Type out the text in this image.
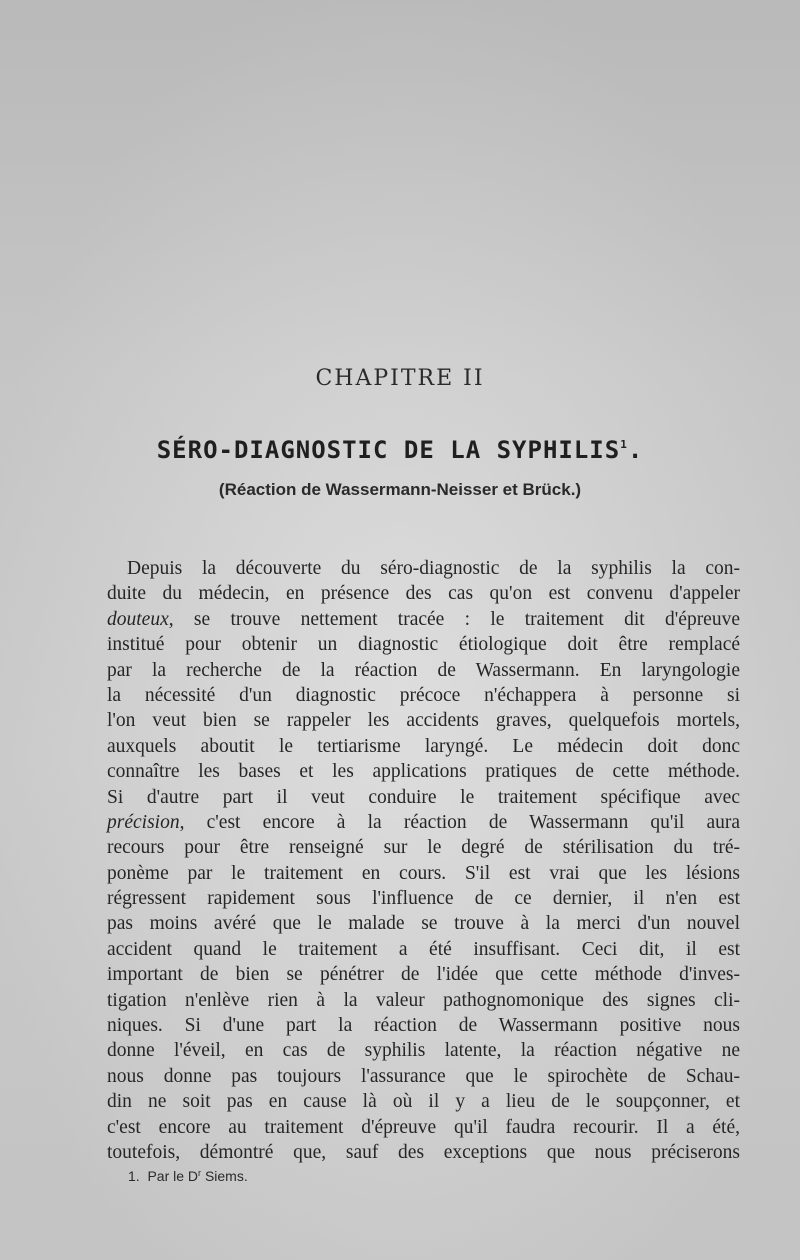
CHAPITRE II
SÉRO-DIAGNOSTIC DE LA SYPHILIS$^1$.
(Réaction de Wassermann-Neisser et Brück.)
Depuis la découverte du séro-diagnostic de la syphilis la con-
duite du médecin, en présence des cas qu'on est convenu d'appeler
douteux, se trouve nettement tracée : le traitement dit d'épreuve
institué pour obtenir un diagnostic étiologique doit être remplacé
par la recherche de la réaction de Wassermann. En laryngologie
la nécessité d'un diagnostic précoce n'échappera à personne si
l'on veut bien se rappeler les accidents graves, quelquefois mortels,
auxquels aboutit le tertiarisme laryngé. Le médecin doit donc
connaître les bases et les applications pratiques de cette méthode.
Si d'autre part il veut conduire le traitement spécifique avec
précision, c'est encore à la réaction de Wassermann qu'il aura
recours pour être renseigné sur le degré de stérilisation du tré-
ponème par le traitement en cours. S'il est vrai que les lésions
régressent rapidement sous l'influence de ce dernier, il n'en est
pas moins avéré que le malade se trouve à la merci d'un nouvel
accident quand le traitement a été insuffisant. Ceci dit, il est
important de bien se pénétrer de l'idée que cette méthode d'inves-
tigation n'enlève rien à la valeur pathognomonique des signes cli-
niques. Si d'une part la réaction de Wassermann positive nous
donne l'éveil, en cas de syphilis latente, la réaction négative ne
nous donne pas toujours l'assurance que le spirochète de Schau-
din ne soit pas en cause là où il y a lieu de le soupçonner, et
c'est encore au traitement d'épreuve qu'il faudra recourir. Il a été,
toutefois, démontré que, sauf des exceptions que nous préciserons
1. Par le $D^r$ Siems.
